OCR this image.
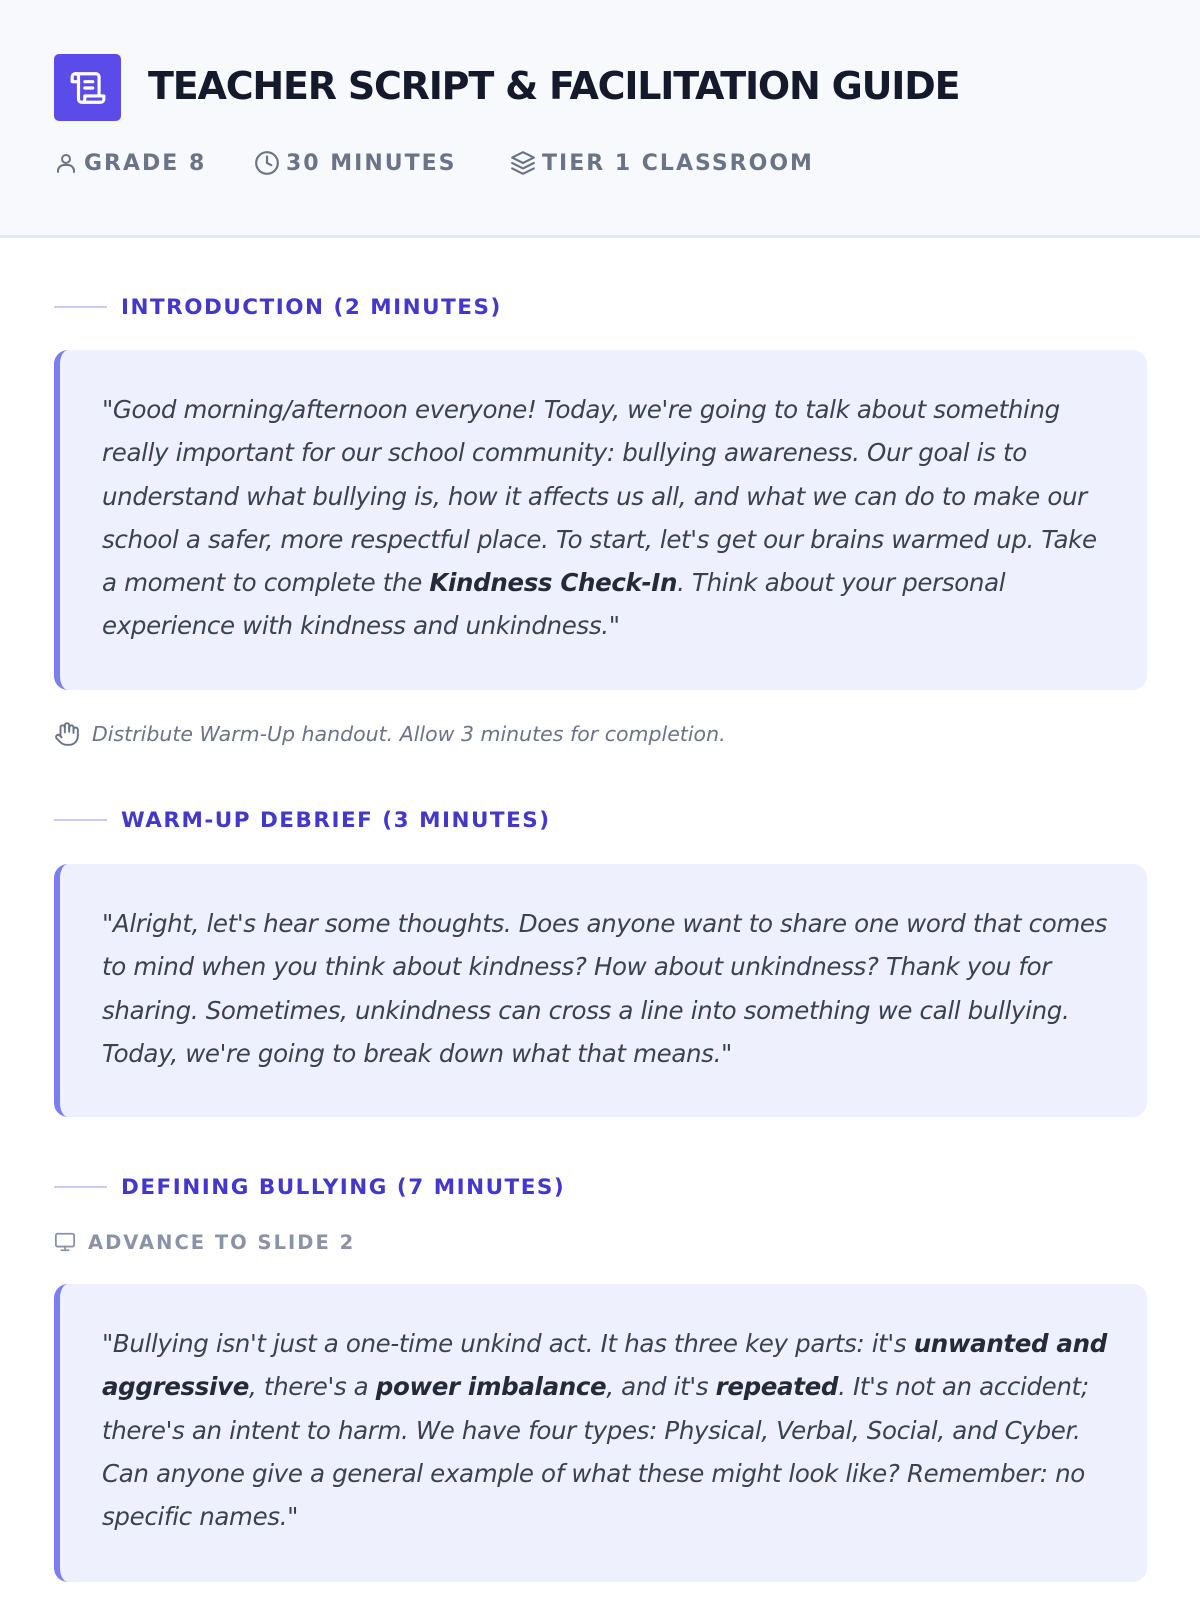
TEACHER SCRIPT & FACILITATION GUIDE
GRADE 8	30 MINUTES	TIER 1 CLASSROOM
INTRODUCTION (2 MINUTES)

"Good morning/afternoon everyone! Today, we're going to talk about something really important for our school community: bullying awareness. Our goal is to understand what bullying is, how it affects us all, and what we can do to make our school a safer, more respectful place. To start, let's get our brains warmed up. Take a moment to complete the Kindness Check-In. Think about your personal experience with kindness and unkindness."

Distribute Warm-Up handout. Allow 3 minutes for completion.
WARM-UP DEBRIEF (3 MINUTES)

"Alright, let's hear some thoughts. Does anyone want to share one word that comes to mind when you think about kindness? How about unkindness? Thank you for sharing. Sometimes, unkindness can cross a line into something we call bullying. Today, we're going to break down what that means."

DEFINING BULLYING (7 MINUTES)
ADVANCE TO SLIDE 2

"Bullying isn't just a one-time unkind act. It has three key parts: it's unwanted and aggressive, there's a power imbalance, and it's repeated. It's not an accident; there's an intent to harm. We have four types: Physical, Verbal, Social, and Cyber. Can anyone give a general example of what these might look like? Remember: no specific names."
